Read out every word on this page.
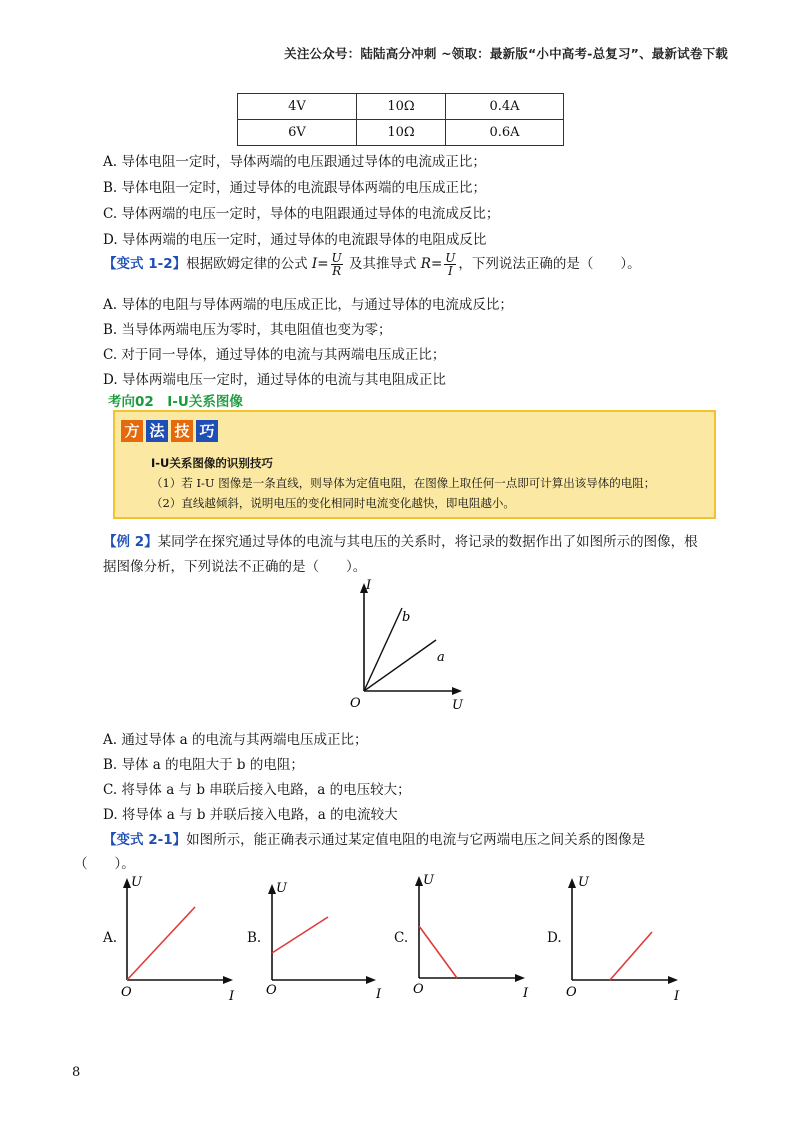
关注公众号：陆陆高分冲刺 ~领取：最新版“小中高考-总复习”、最新试卷下载
4V	10Ω	0.4A
6V	10Ω	0.6A
A. 导体电阻一定时，导体两端的电压跟通过导体的电流成正比；
B. 导体电阻一定时，通过导体的电流跟导体两端的电压成正比；
C. 导体两端的电压一定时，导体的电阻跟通过导体的电流成反比；
D. 导体两端的电压一定时，通过导体的电流跟导体的电阻成反比
【变式 1-2】根据欧姆定律的公式 $I= \frac{U}{R}$ 及其推导式 $R= \frac{U}{I}$ ，下列说法正确的是（　　）。
A. 导体的电阻与导体两端的电压成正比，与通过导体的电流成反比；
B. 当导体两端电压为零时，其电阻值也变为零；
C. 对于同一导体，通过导体的电流与其两端电压成正比；
D. 导体两端电压一定时，通过导体的电流与其电阻成正比
考向02　I-U关系图像
方 法 技 巧
I-U关系图像的识别技巧
（1）若 I-U 图像是一条直线，则导体为定值电阻，在图像上取任何一点即可计算出该导体的电阻；
（2）直线越倾斜，说明电压的变化相同时电流变化越快，即电阻越小。
【例 2】某同学在探究通过导体的电流与其电压的关系时，将记录的数据作出了如图所示的图像，根
据图像分析，下列说法不正确的是（　　）。
I
U
O
b
a
A. 通过导体 a 的电流与其两端电压成正比；
B. 导体 a 的电阻大于 b 的电阻；
C. 将导体 a 与 b 串联后接入电路，a 的电压较大；
D. 将导体 a 与 b 并联后接入电路，a 的电流较大
【变式 2-1】如图所示，能正确表示通过某定值电阻的电流与它两端电压之间关系的图像是
（　　）。
A.
U
O	I
B.
U
O	I
C.
U
O	I
D.
U
O	I
8
